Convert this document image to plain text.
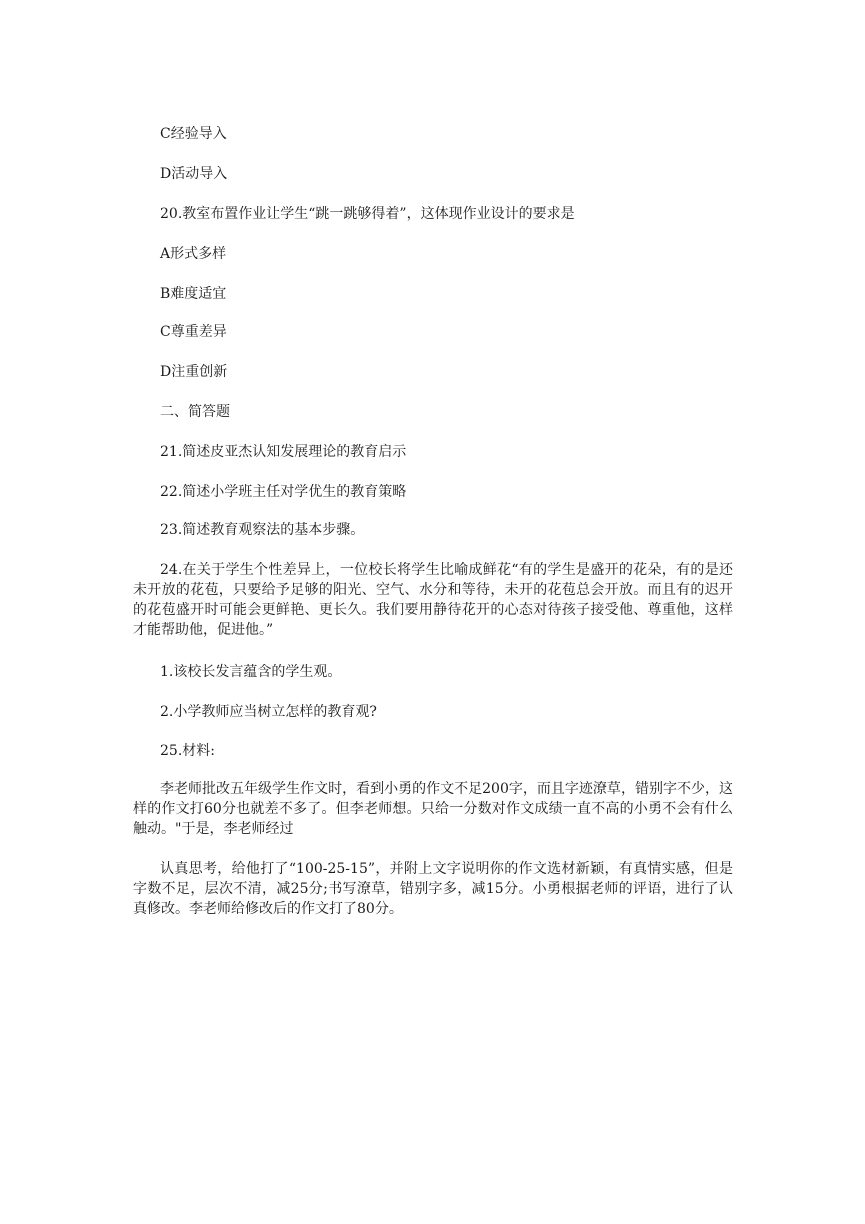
C经验导入
D活动导入
20.教室布置作业让学生“跳一跳够得着”，这体现作业设计的要求是
A形式多样
B难度适宜
C尊重差异
D注重创新
二、简答题
21.简述皮亚杰认知发展理论的教育启示
22.简述小学班主任对学优生的教育策略
23.简述教育观察法的基本步骤。

24.在关于学生个性差异上，一位校长将学生比喻成鲜花“有的学生是盛开的花朵，有的是还未开放的花苞，只要给予足够的阳光、空气、水分和等待，未开的花苞总会开放。而且有的迟开的花苞盛开时可能会更鲜艳、更长久。我们要用静待花开的心态对待孩子接受他、尊重他，这样才能帮助他，促进他。”

1.该校长发言蕴含的学生观。
2.小学教师应当树立怎样的教育观?
25.材料:

李老师批改五年级学生作文时，看到小勇的作文不足200字，而且字迹潦草，错别字不少，这样的作文打60分也就差不多了。但李老师想。只给一分数对作文成绩一直不高的小勇不会有什么触动。"于是，李老师经过

认真思考，给他打了“100-25-15”，并附上文字说明你的作文选材新颖，有真情实感，但是字数不足，层次不清，减25分;书写潦草，错别字多，减15分。小勇根据老师的评语，进行了认真修改。李老师给修改后的作文打了80分。
